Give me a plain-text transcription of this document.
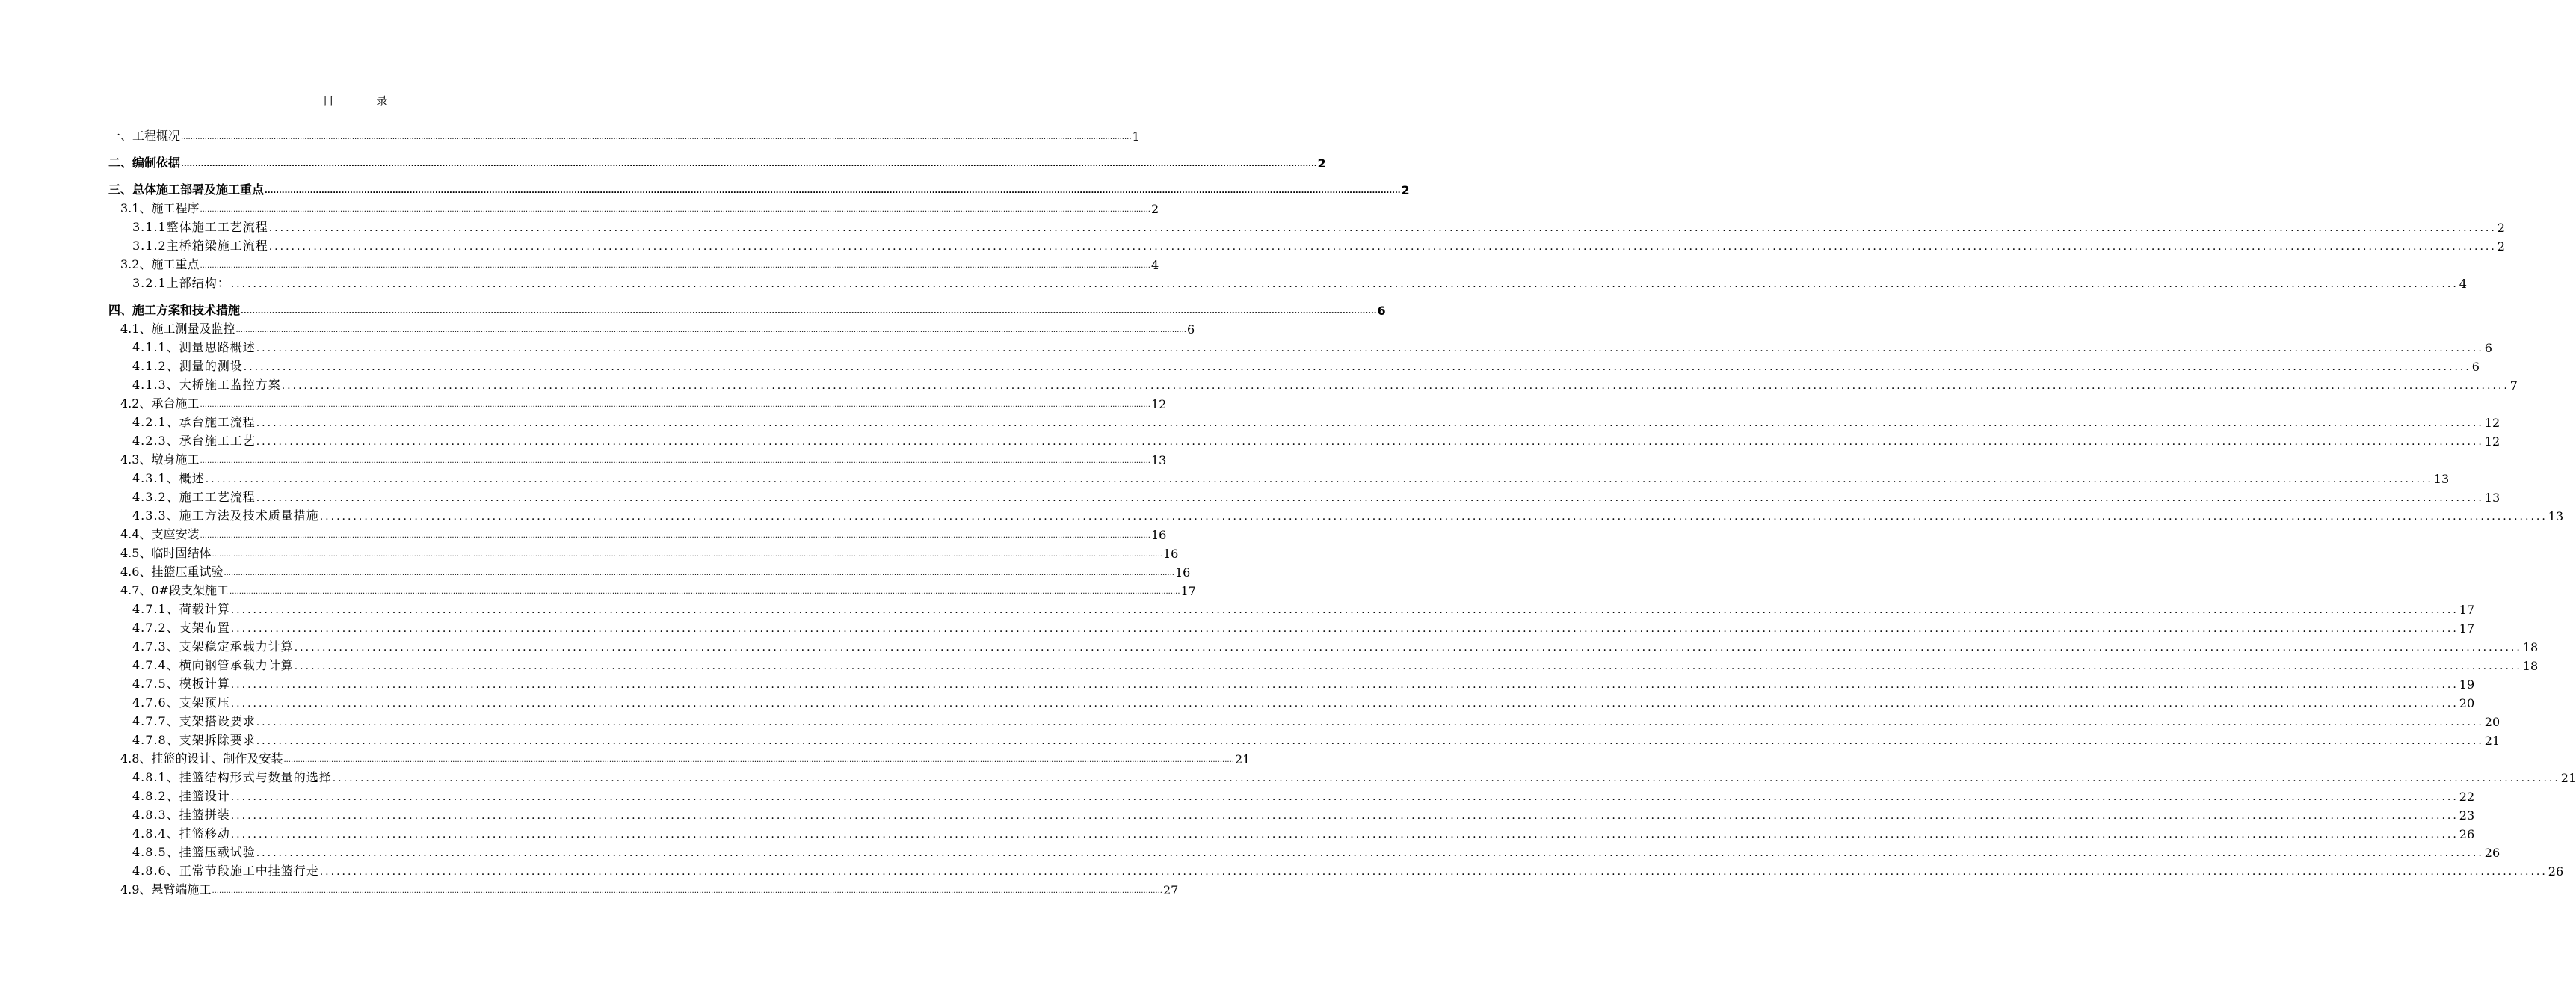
目 录
一、工程概况 ................................................................................................................................................................................................................................................................................................................................................................................................................ 1
二、编制依据 ................................................................................................................................................................................................................................................................................................................................................................................................................ 2
三、总体施工部署及施工重点 ................................................................................................................................................................................................................................................................................................................................................................................................................ 2
3.1、施工程序 ................................................................................................................................................................................................................................................................................................................................................................................................................ 2
3.1.1整体施工工艺流程 ................................................................................................................................................................................................................................................................................................................................................................................................................ 2
3.1.2主桥箱梁施工流程 ................................................................................................................................................................................................................................................................................................................................................................................................................ 2
3.2、施工重点 ................................................................................................................................................................................................................................................................................................................................................................................................................ 4
3.2.1上部结构： ................................................................................................................................................................................................................................................................................................................................................................................................................ 4
四、施工方案和技术措施 ................................................................................................................................................................................................................................................................................................................................................................................................................ 6
4.1、施工测量及监控 ................................................................................................................................................................................................................................................................................................................................................................................................................ 6
4.1.1、测量思路概述 ................................................................................................................................................................................................................................................................................................................................................................................................................ 6
4.1.2、测量的测设 ................................................................................................................................................................................................................................................................................................................................................................................................................ 6
4.1.3、大桥施工监控方案 ................................................................................................................................................................................................................................................................................................................................................................................................................ 7
4.2、承台施工 ................................................................................................................................................................................................................................................................................................................................................................................................................ 12
4.2.1、承台施工流程 ................................................................................................................................................................................................................................................................................................................................................................................................................ 12
4.2.3、承台施工工艺 ................................................................................................................................................................................................................................................................................................................................................................................................................ 12
4.3、墩身施工 ................................................................................................................................................................................................................................................................................................................................................................................................................ 13
4.3.1、概述 ................................................................................................................................................................................................................................................................................................................................................................................................................ 13
4.3.2、施工工艺流程 ................................................................................................................................................................................................................................................................................................................................................................................................................ 13
4.3.3、施工方法及技术质量措施 ................................................................................................................................................................................................................................................................................................................................................................................................................ 13
4.4、支座安装 ................................................................................................................................................................................................................................................................................................................................................................................................................ 16
4.5、临时固结体 ................................................................................................................................................................................................................................................................................................................................................................................................................ 16
4.6、挂篮压重试验 ................................................................................................................................................................................................................................................................................................................................................................................................................ 16
4.7、0#段支架施工 ................................................................................................................................................................................................................................................................................................................................................................................................................ 17
4.7.1、荷载计算 ................................................................................................................................................................................................................................................................................................................................................................................................................ 17
4.7.2、支架布置 ................................................................................................................................................................................................................................................................................................................................................................................................................ 17
4.7.3、支架稳定承载力计算 ................................................................................................................................................................................................................................................................................................................................................................................................................ 18
4.7.4、横向钢管承载力计算 ................................................................................................................................................................................................................................................................................................................................................................................................................ 18
4.7.5、模板计算 ................................................................................................................................................................................................................................................................................................................................................................................................................ 19
4.7.6、支架预压 ................................................................................................................................................................................................................................................................................................................................................................................................................ 20
4.7.7、支架搭设要求 ................................................................................................................................................................................................................................................................................................................................................................................................................ 20
4.7.8、支架拆除要求 ................................................................................................................................................................................................................................................................................................................................................................................................................ 21
4.8、挂篮的设计、制作及安装 ................................................................................................................................................................................................................................................................................................................................................................................................................ 21
4.8.1、挂篮结构形式与数量的选择 ................................................................................................................................................................................................................................................................................................................................................................................................................ 21
4.8.2、挂篮设计 ................................................................................................................................................................................................................................................................................................................................................................................................................ 22
4.8.3、挂篮拼装 ................................................................................................................................................................................................................................................................................................................................................................................................................ 23
4.8.4、挂篮移动 ................................................................................................................................................................................................................................................................................................................................................................................................................ 26
4.8.5、挂篮压载试验 ................................................................................................................................................................................................................................................................................................................................................................................................................ 26
4.8.6、正常节段施工中挂篮行走 ................................................................................................................................................................................................................................................................................................................................................................................................................ 26
4.9、悬臂端施工 ................................................................................................................................................................................................................................................................................................................................................................................................................ 27
